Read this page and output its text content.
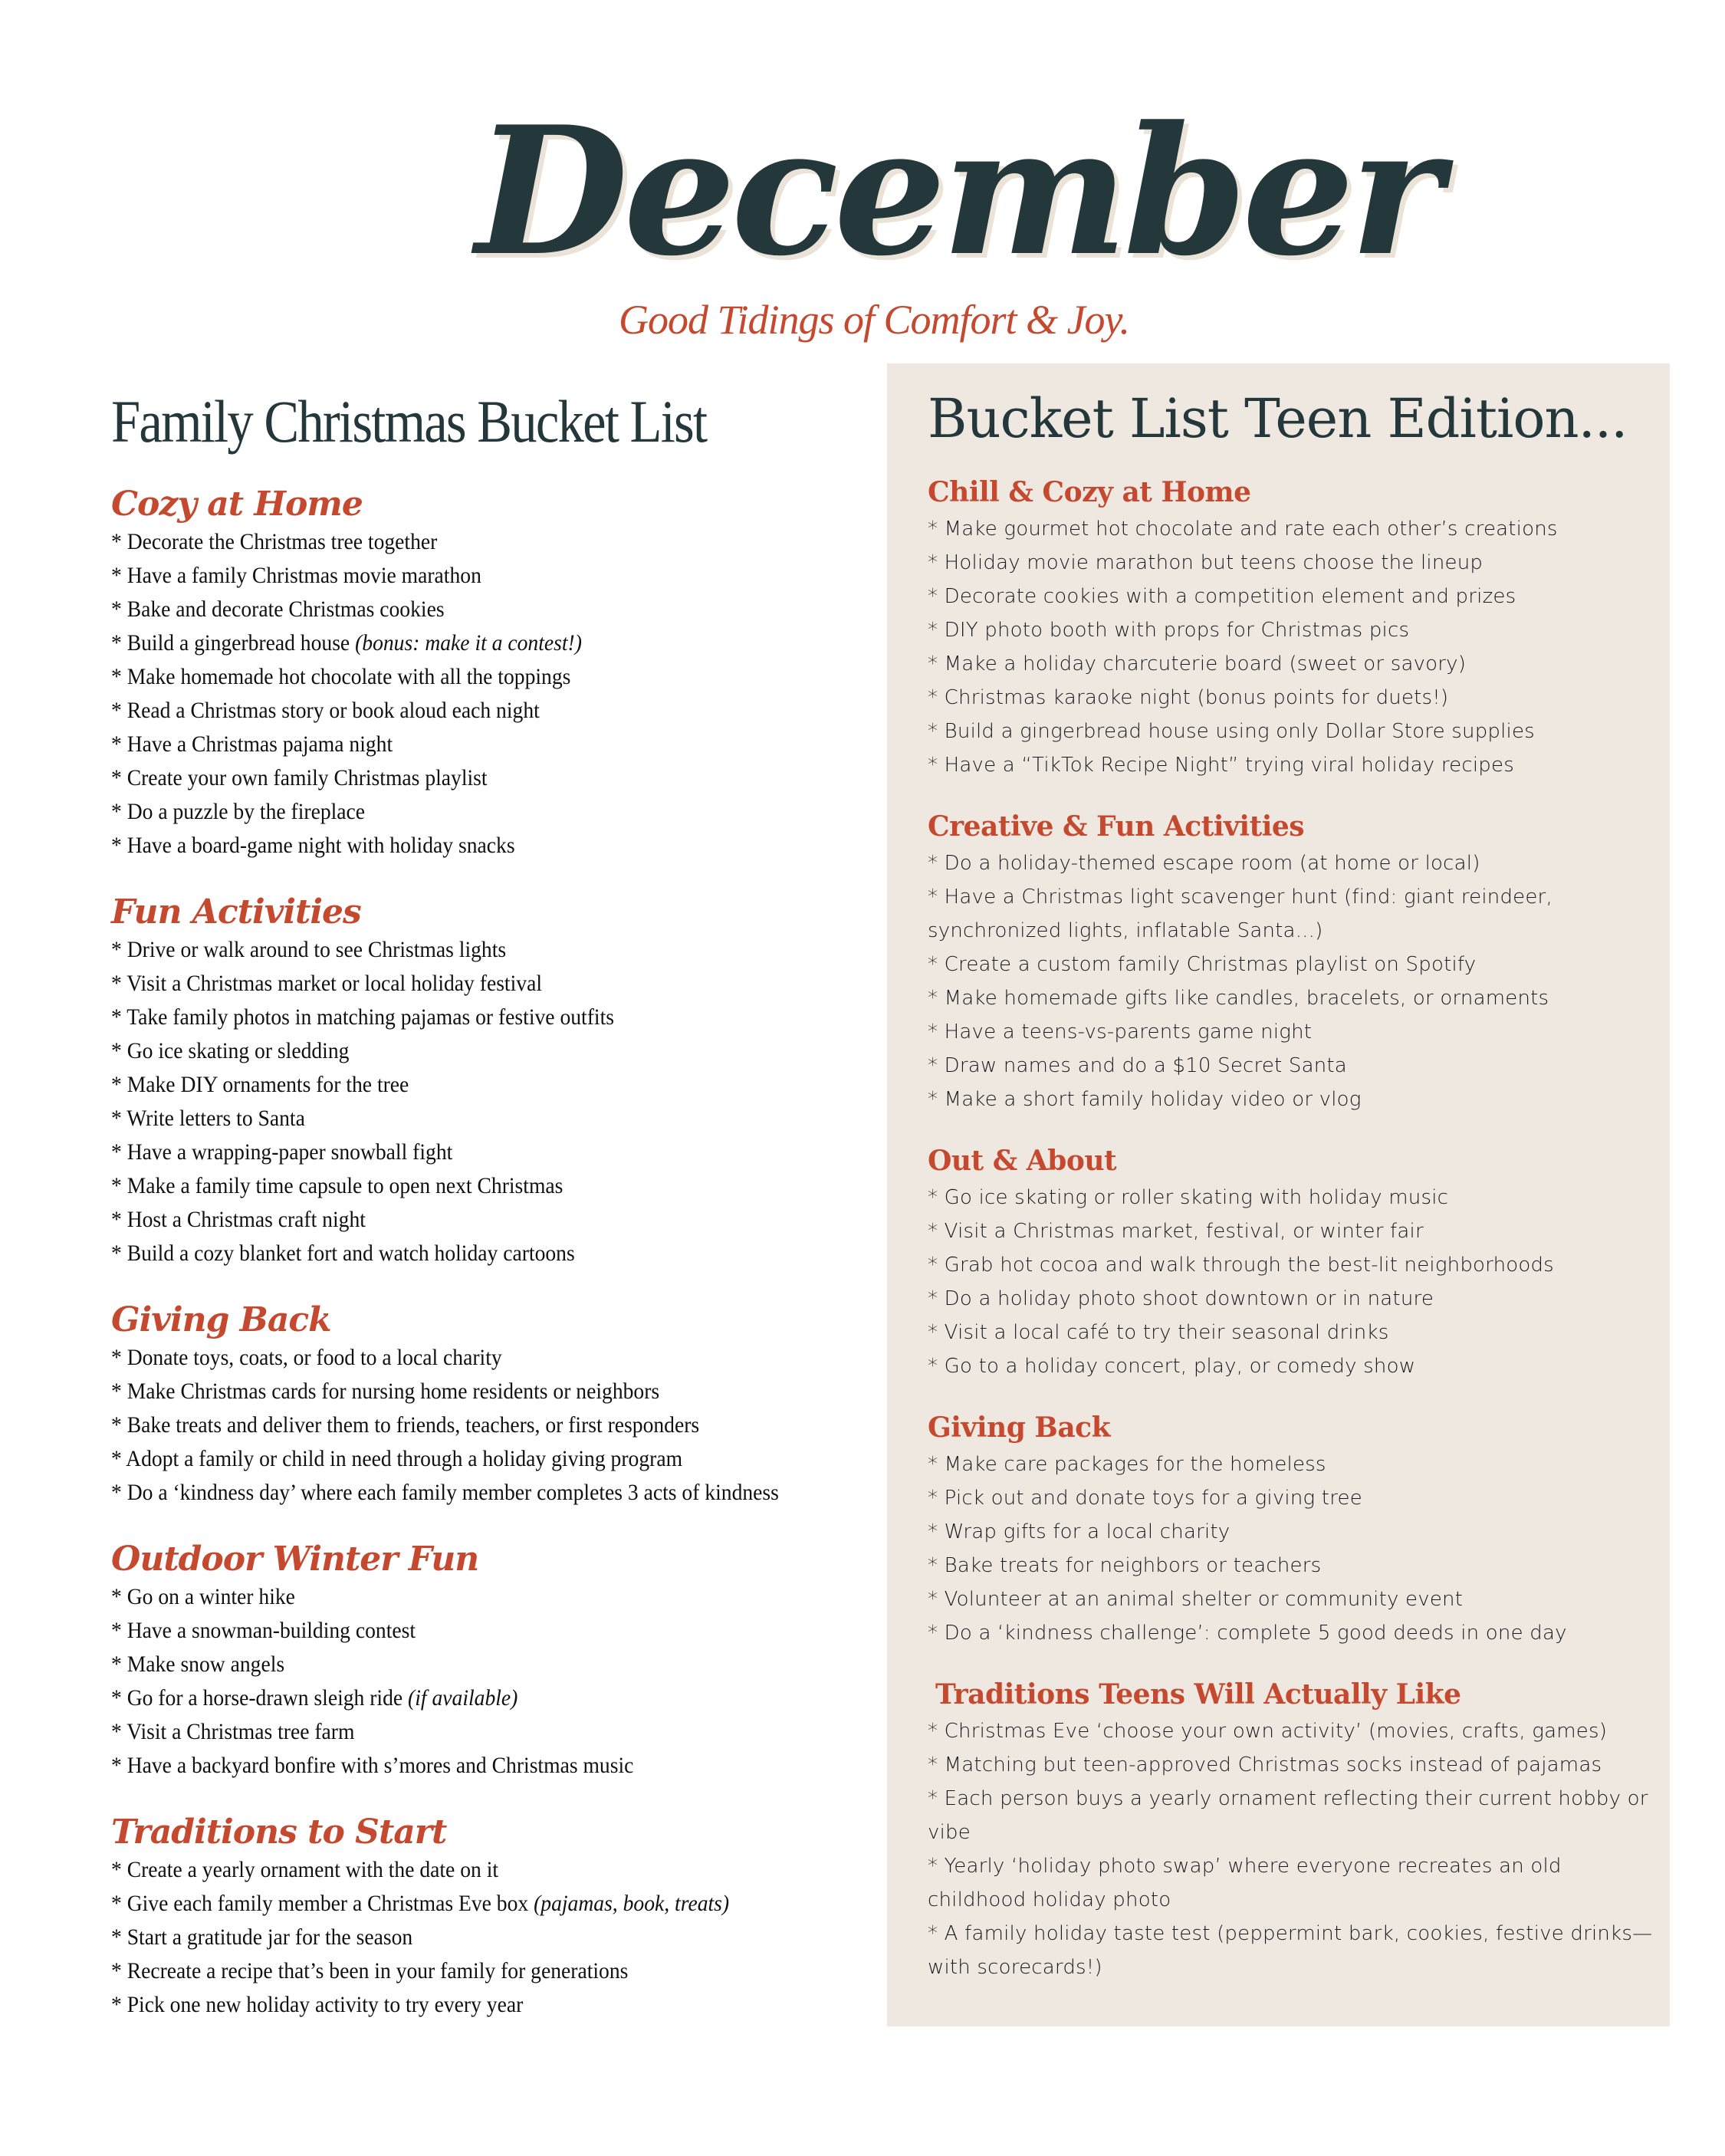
December
Good Tidings of Comfort & Joy.
Family Christmas Bucket List
Cozy at Home
* Decorate the Christmas tree together
* Have a family Christmas movie marathon
* Bake and decorate Christmas cookies
* Build a gingerbread house (bonus: make it a contest!)
* Make homemade hot chocolate with all the toppings
* Read a Christmas story or book aloud each night
* Have a Christmas pajama night
* Create your own family Christmas playlist
* Do a puzzle by the fireplace
* Have a board-game night with holiday snacks
Fun Activities
* Drive or walk around to see Christmas lights
* Visit a Christmas market or local holiday festival
* Take family photos in matching pajamas or festive outfits
* Go ice skating or sledding
* Make DIY ornaments for the tree
* Write letters to Santa
* Have a wrapping-paper snowball fight
* Make a family time capsule to open next Christmas
* Host a Christmas craft night
* Build a cozy blanket fort and watch holiday cartoons
Giving Back
* Donate toys, coats, or food to a local charity
* Make Christmas cards for nursing home residents or neighbors
* Bake treats and deliver them to friends, teachers, or first responders
* Adopt a family or child in need through a holiday giving program
* Do a ‘kindness day’ where each family member completes 3 acts of kindness
Outdoor Winter Fun
* Go on a winter hike
* Have a snowman-building contest
* Make snow angels
* Go for a horse-drawn sleigh ride (if available)
* Visit a Christmas tree farm
* Have a backyard bonfire with s’mores and Christmas music
Traditions to Start
* Create a yearly ornament with the date on it
* Give each family member a Christmas Eve box (pajamas, book, treats)
* Start a gratitude jar for the season
* Recreate a recipe that’s been in your family for generations
* Pick one new holiday activity to try every year
Bucket List Teen Edition...
Chill & Cozy at Home
* Make gourmet hot chocolate and rate each other’s creations
* Holiday movie marathon but teens choose the lineup
* Decorate cookies with a competition element and prizes
* DIY photo booth with props for Christmas pics
* Make a holiday charcuterie board (sweet or savory)
* Christmas karaoke night (bonus points for duets!)
* Build a gingerbread house using only Dollar Store supplies
* Have a “TikTok Recipe Night” trying viral holiday recipes
Creative & Fun Activities
* Do a holiday-themed escape room (at home or local)
* Have a Christmas light scavenger hunt (find: giant reindeer, synchronized lights, inflatable Santa...)
* Create a custom family Christmas playlist on Spotify
* Make homemade gifts like candles, bracelets, or ornaments
* Have a teens-vs-parents game night
* Draw names and do a $10 Secret Santa
* Make a short family holiday video or vlog
Out & About
* Go ice skating or roller skating with holiday music
* Visit a Christmas market, festival, or winter fair
* Grab hot cocoa and walk through the best-lit neighborhoods
* Do a holiday photo shoot downtown or in nature
* Visit a local café to try their seasonal drinks
* Go to a holiday concert, play, or comedy show
Giving Back
* Make care packages for the homeless
* Pick out and donate toys for a giving tree
* Wrap gifts for a local charity
* Bake treats for neighbors or teachers
* Volunteer at an animal shelter or community event
* Do a ‘kindness challenge’: complete 5 good deeds in one day
Traditions Teens Will Actually Like
* Christmas Eve ‘choose your own activity’ (movies, crafts, games)
* Matching but teen-approved Christmas socks instead of pajamas
* Each person buys a yearly ornament reflecting their current hobby or vibe
* Yearly ‘holiday photo swap’ where everyone recreates an old childhood holiday photo
* A family holiday taste test (peppermint bark, cookies, festive drinks—with scorecards!)
